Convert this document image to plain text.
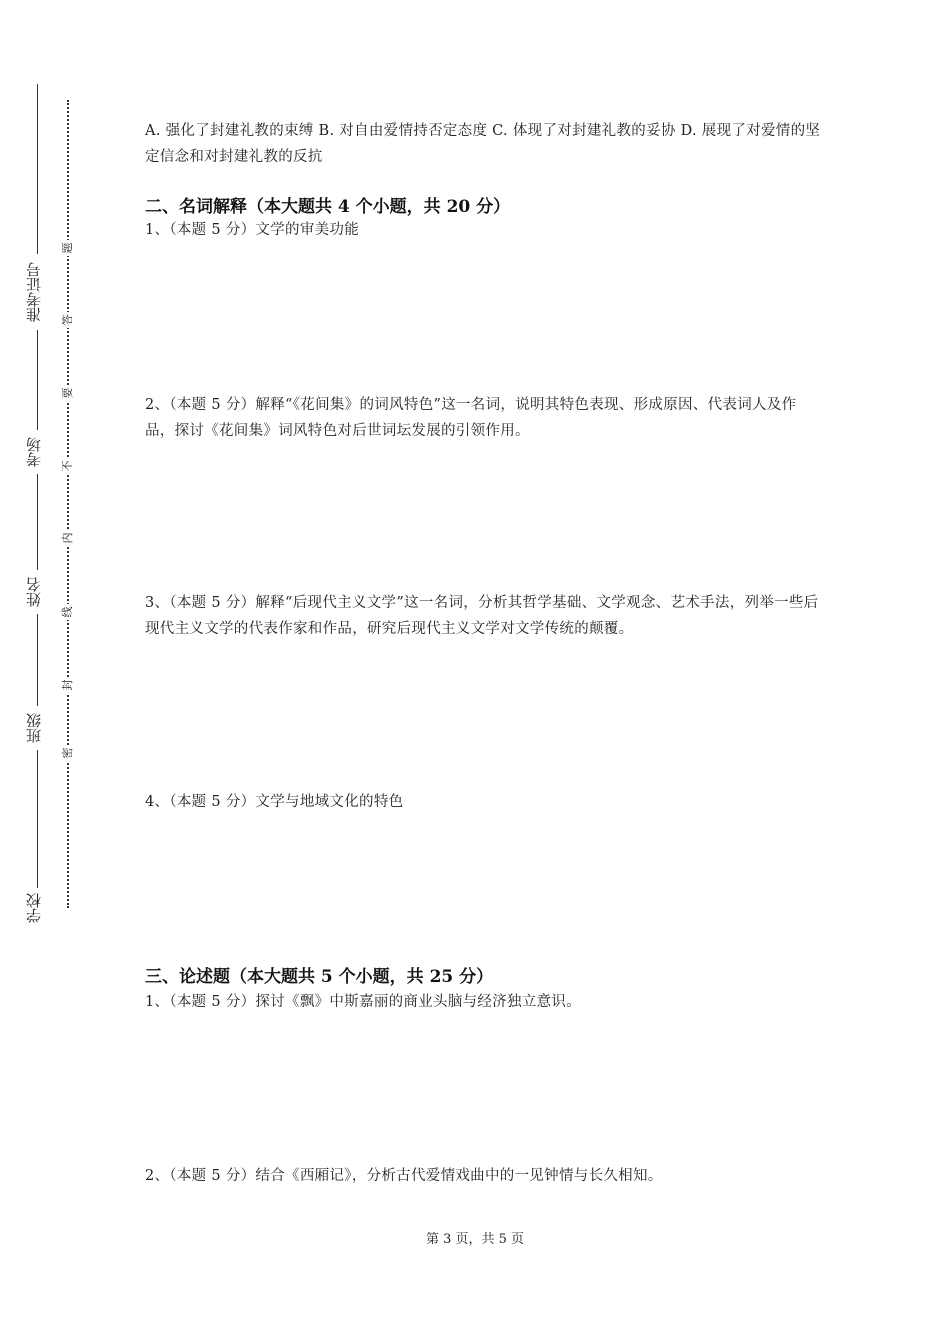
准考证号
考场
姓名
班级
学校
密
封
线
内
不
要
答
题
A. 强化了封建礼教的束缚 B. 对自由爱情持否定态度 C. 体现了对封建礼教的妥协 D. 展现了对爱情的坚定信念和对封建礼教的反抗
二、名词解释（本大题共 4 个小题，共 20 分）
1、（本题 5 分）文学的审美功能
2、（本题 5 分）解释“《花间集》的词风特色”这一名词，说明其特色表现、形成原因、代表词人及作品，探讨《花间集》词风特色对后世词坛发展的引领作用。
3、（本题 5 分）解释“后现代主义文学”这一名词，分析其哲学基础、文学观念、艺术手法，列举一些后现代主义文学的代表作家和作品，研究后现代主义文学对文学传统的颠覆。
4、（本题 5 分）文学与地域文化的特色
三、论述题（本大题共 5 个小题，共 25 分）
1、（本题 5 分）探讨《飘》中斯嘉丽的商业头脑与经济独立意识。
2、（本题 5 分）结合《西厢记》，分析古代爱情戏曲中的一见钟情与长久相知。
第 3 页，共 5 页
